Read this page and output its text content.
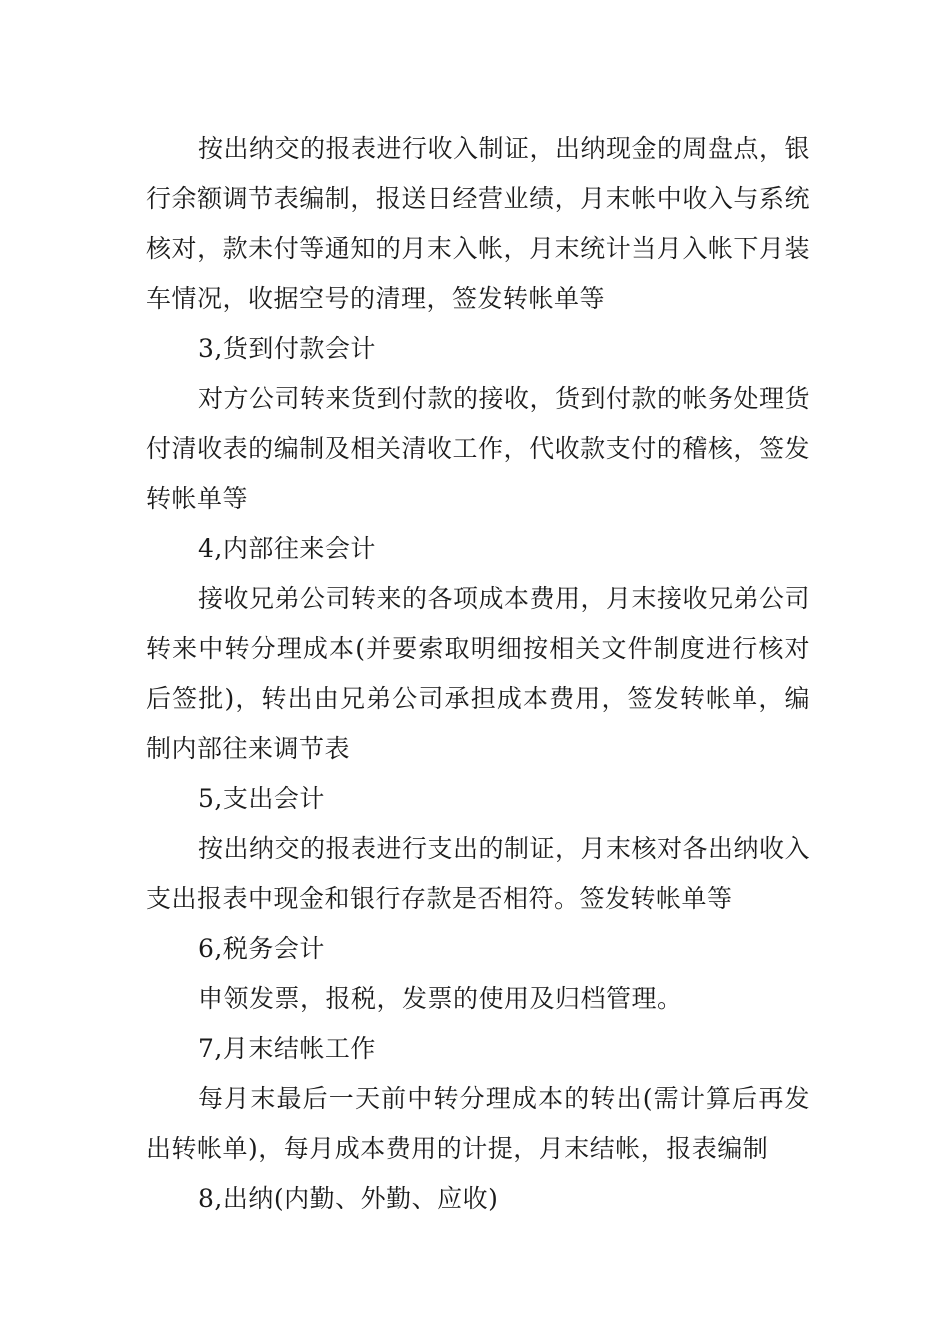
按出纳交的报表进行收入制证，出纳现金的周盘点，银行余额调节表编制，报送日经营业绩，月末帐中收入与系统核对，款未付等通知的月末入帐，月末统计当月入帐下月装车情况，收据空号的清理，签发转帐单等

3,货到付款会计

对方公司转来货到付款的接收，货到付款的帐务处理货付清收表的编制及相关清收工作，代收款支付的稽核，签发转帐单等

4,内部往来会计

接收兄弟公司转来的各项成本费用，月末接收兄弟公司转来中转分理成本(并要索取明细按相关文件制度进行核对后签批)，转出由兄弟公司承担成本费用，签发转帐单，编制内部往来调节表

5,支出会计

按出纳交的报表进行支出的制证，月末核对各出纳收入支出报表中现金和银行存款是否相符。签发转帐单等

6,税务会计

申领发票，报税，发票的使用及归档管理。

7,月末结帐工作

每月末最后一天前中转分理成本的转出(需计算后再发出转帐单)，每月成本费用的计提，月末结帐，报表编制

8,出纳(内勤、外勤、应收)
